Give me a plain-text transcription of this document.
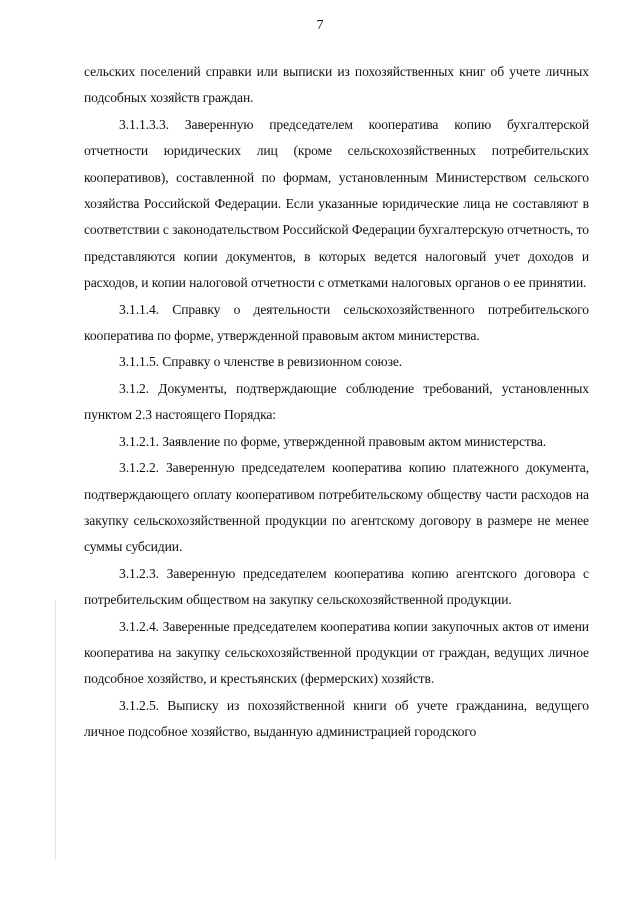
7

сельских поселений справки или выписки из похозяйственных книг об учете личных подсобных хозяйств граждан.

3.1.1.3.3. Заверенную председателем кооператива копию бухгалтерской отчетности юридических лиц (кроме сельскохозяйственных потребительских кооперативов), составленной по формам, установленным Министерством сельского хозяйства Российской Федерации. Если указанные юридические лица не составляют в соответствии с законодательством Российской Федерации бухгалтерскую отчетность, то представляются копии документов, в которых ведется налоговый учет доходов и расходов, и копии налоговой отчетности с отметками налоговых органов о ее принятии.

3.1.1.4. Справку о деятельности сельскохозяйственного потребительского кооператива по форме, утвержденной правовым актом министерства.

3.1.1.5. Справку о членстве в ревизионном союзе.

3.1.2. Документы, подтверждающие соблюдение требований, установленных пунктом 2.3 настоящего Порядка:

3.1.2.1. Заявление по форме, утвержденной правовым актом министерства.

3.1.2.2. Заверенную председателем кооператива копию платежного документа, подтверждающего оплату кооперативом потребительскому обществу части расходов на закупку сельскохозяйственной продукции по агентскому договору в размере не менее суммы субсидии.

3.1.2.3. Заверенную председателем кооператива копию агентского договора с потребительским обществом на закупку сельскохозяйственной продукции.

3.1.2.4. Заверенные председателем кооператива копии закупочных актов от имени кооператива на закупку сельскохозяйственной продукции от граждан, ведущих личное подсобное хозяйство, и крестьянских (фермерских) хозяйств.

3.1.2.5. Выписку из похозяйственной книги об учете гражданина, ведущего личное подсобное хозяйство, выданную администрацией городского
